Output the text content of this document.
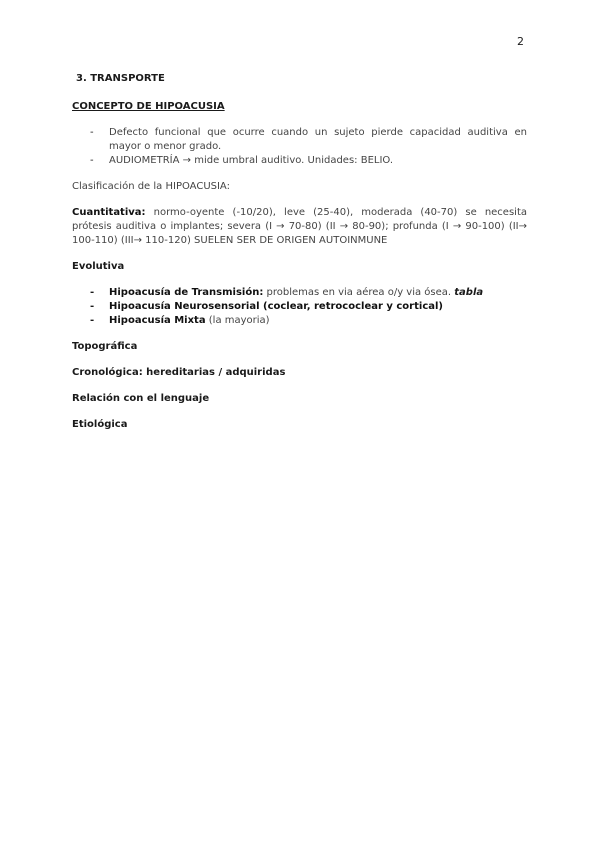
2
3. TRANSPORTE
CONCEPTO DE HIPOACUSIA
- Defecto funcional que ocurre cuando un sujeto pierde capacidad auditiva en mayor o menor grado.
- AUDIOMETRÍA → mide umbral auditivo. Unidades: BELIO.

Clasificación de la HIPOACUSIA:

Cuantitativa: normo-oyente (-10/20), leve (25-40), moderada (40-70) se necesita prótesis auditiva o implantes; severa (I → 70-80) (II → 80-90); profunda (I → 90-100) (II→ 100-110) (III→ 110-120) SUELEN SER DE ORIGEN AUTOINMUNE

Evolutiva
- Hipoacusía de Transmisión: problemas en via aérea o/y via ósea. tabla
- Hipoacusía Neurosensorial (coclear, retrococlear y cortical)
- Hipoacusía Mixta (la mayoria)
Topográfica
Cronológica: hereditarias / adquiridas
Relación con el lenguaje
Etiológica
